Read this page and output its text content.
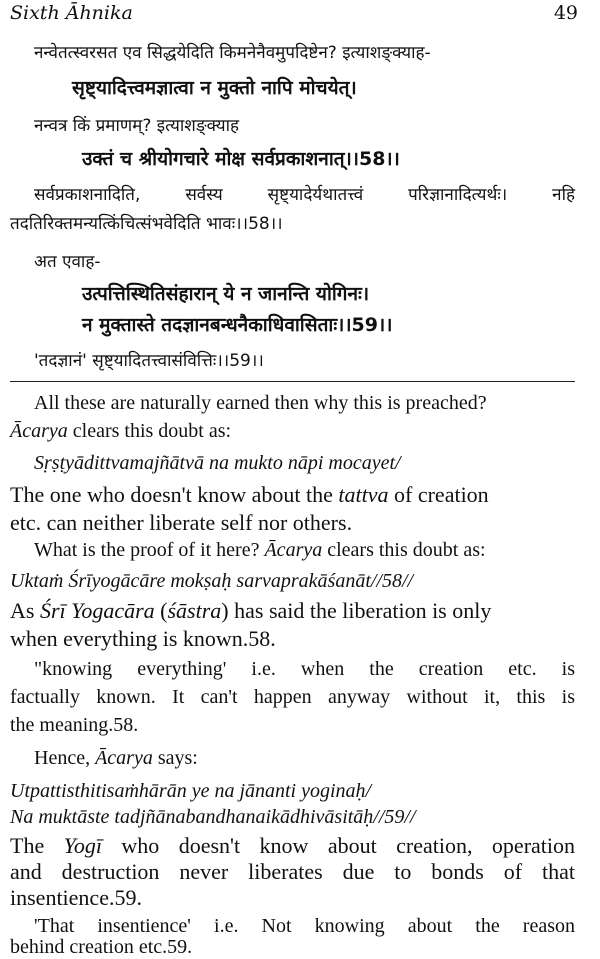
Sixth Āhnika	49
नन्वेतत्स्वरसत एव सिद्धयेदिति किमनेनैवमुपदिष्टेन? इत्याशङ्क्याह-
सृष्ट्यादित्त्वमज्ञात्वा न मुक्तो नापि मोचयेत्।
नन्वत्र किं प्रमाणम्? इत्याशङ्क्याह
उक्तं च श्रीयोगचारे मोक्ष सर्वप्रकाशनात्।।58।।
सर्वप्रकाशनादिति, सर्वस्य सृष्ट्यादेर्यथातत्त्वं परिज्ञानादित्यर्थः। नहि
तदतिरिक्तमन्यत्किंचित्संभवेदिति भावः।।58।।
अत एवाह-
उत्पत्तिस्थितिसंहारान् ये न जानन्ति योगिनः।
न मुक्तास्ते तदज्ञानबन्धनैकाधिवासिताः।।59।।
'तदज्ञानं' सृष्ट्यादितत्त्वासंवित्तिः।।59।।
All these are naturally earned then why this is preached?
Ācarya clears this doubt as:
Sṛṣṭyādittvamajñātvā na mukto nāpi mocayet/
The one who doesn't know about the tattva of creation
etc. can neither liberate self nor others.
What is the proof of it here? Ācarya clears this doubt as:
Uktaṁ Śrīyogācāre mokṣaḥ sarvaprakāśanāt//58//
As Śrī Yogacāra (śāstra) has said the liberation is only
when everything is known.58.
"knowing everything' i.e. when the creation etc. is
factually known. It can't happen anyway without it, this is
the meaning.58.
Hence, Ācarya says:
Utpattisthitisaṁhārān ye na jānanti yoginaḥ/
Na muktāste tadjñānabandhanaikādhivāsitāḥ//59//
The Yogī who doesn't know about creation, operation
and destruction never liberates due to bonds of that
insentience.59.
'That insentience' i.e. Not knowing about the reason
behind creation etc.59.
